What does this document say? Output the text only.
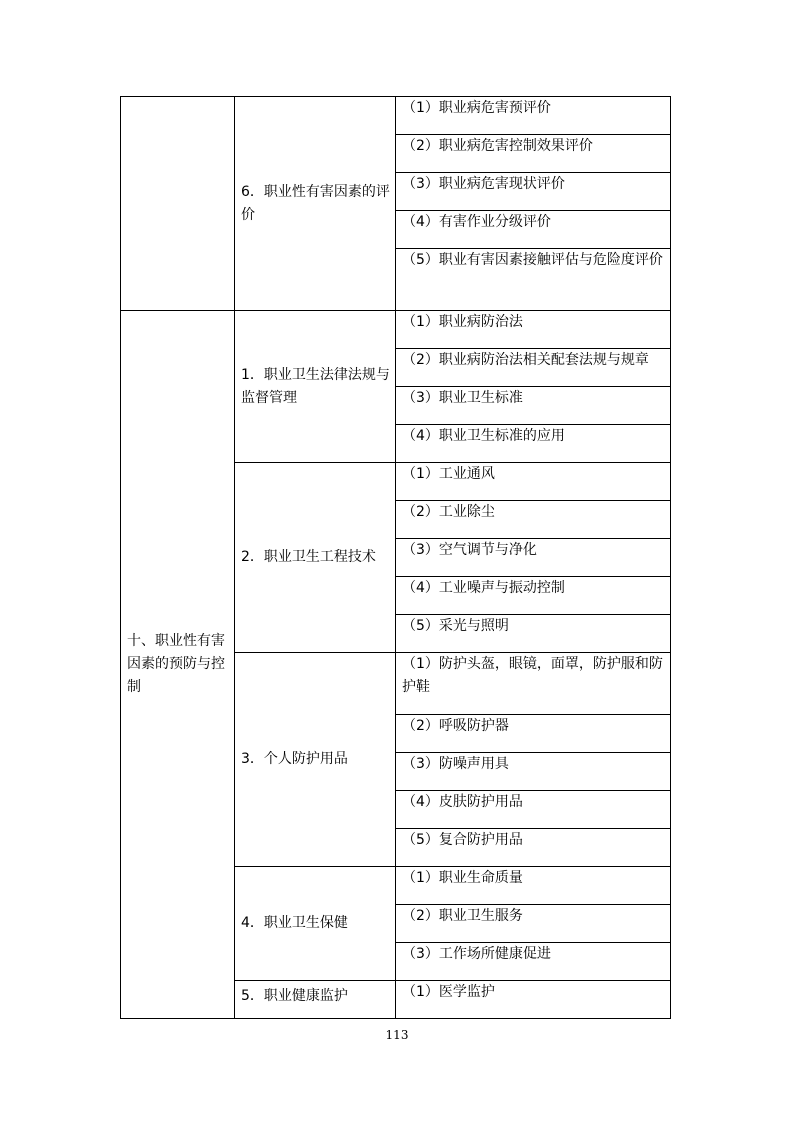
	6．职业性有害因素的评价	（1）职业病危害预评价
		（2）职业病危害控制效果评价
		（3）职业病危害现状评价
		（4）有害作业分级评价
		（5）职业有害因素接触评估与危险度评价
十、职业性有害因素的预防与控制	1．职业卫生法律法规与监督管理	（1）职业病防治法
		（2）职业病防治法相关配套法规与规章
		（3）职业卫生标准
		（4）职业卫生标准的应用
	2．职业卫生工程技术	（1）工业通风
		（2）工业除尘
		（3）空气调节与净化
		（4）工业噪声与振动控制
		（5）采光与照明
	3．个人防护用品	（1）防护头盔，眼镜，面罩，防护服和防护鞋
		（2）呼吸防护器
		（3）防噪声用具
		（4）皮肤防护用品
		（5）复合防护用品
	4．职业卫生保健	（1）职业生命质量
		（2）职业卫生服务
		（3）工作场所健康促进
	5．职业健康监护	（1）医学监护
113
